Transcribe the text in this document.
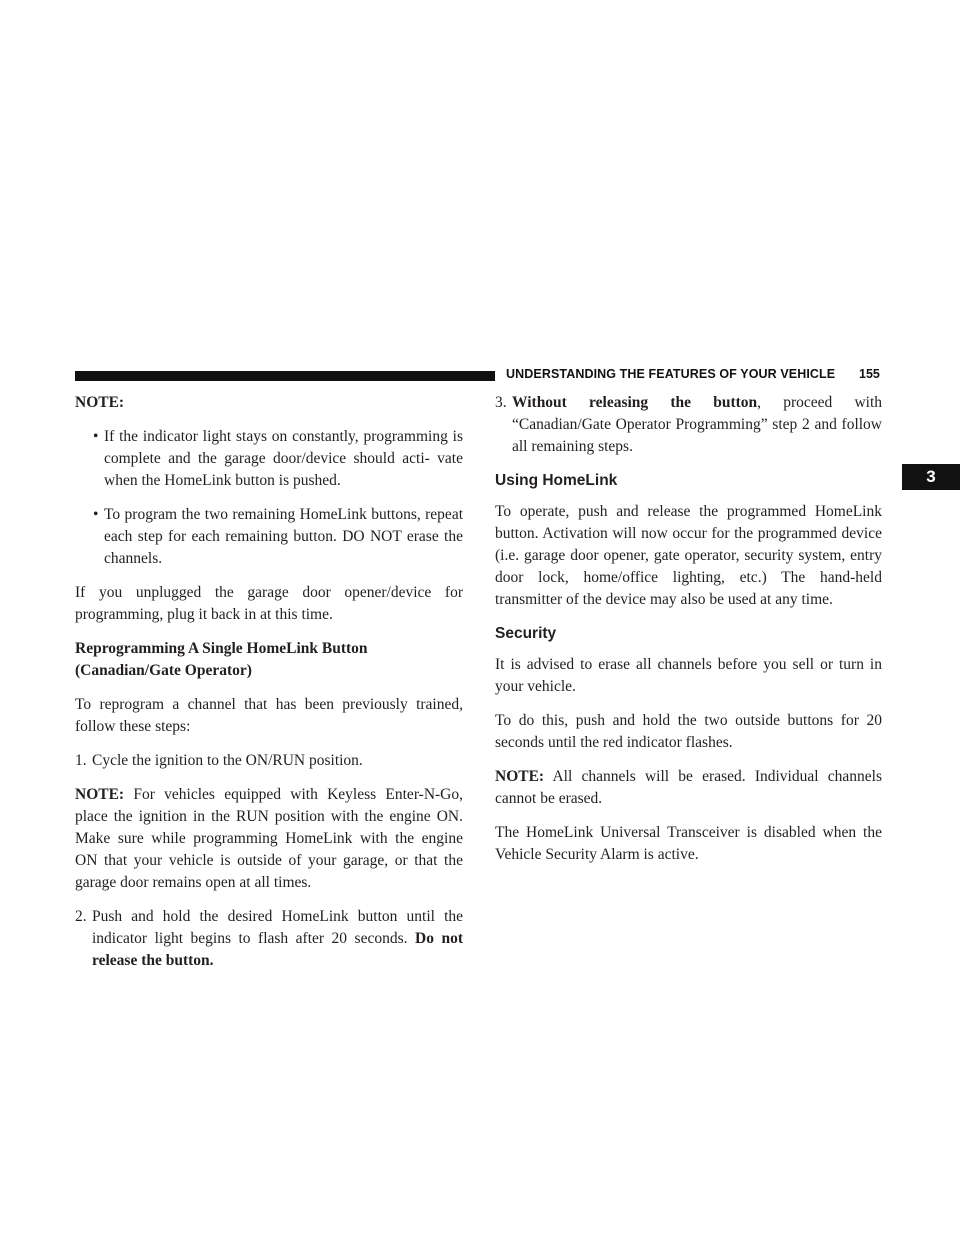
UNDERSTANDING THE FEATURES OF YOUR VEHICLE 155
3

NOTE:

• If the indicator light stays on constantly, programming is complete and the garage door/device should acti- vate when the HomeLink button is pushed.
• To program the two remaining HomeLink buttons, repeat each step for each remaining button. DO NOT erase the channels.

If you unplugged the garage door opener/device for programming, plug it back in at this time.

Reprogramming A Single HomeLink Button
(Canadian/Gate Operator)

To reprogram a channel that has been previously trained, follow these steps:

1. Cycle the ignition to the ON/RUN position.

NOTE: For vehicles equipped with Keyless Enter-N-Go, place the ignition in the RUN position with the engine ON. Make sure while programming HomeLink with the engine ON that your vehicle is outside of your garage, or that the garage door remains open at all times.

2. Push and hold the desired HomeLink button until the indicator light begins to flash after 20 seconds. Do not release the button.
3. Without releasing the button, proceed with “Canadian/Gate Operator Programming” step 2 and follow all remaining steps.
Using HomeLink

To operate, push and release the programmed HomeLink button. Activation will now occur for the programmed device (i.e. garage door opener, gate operator, security system, entry door lock, home/office lighting, etc.) The hand-held transmitter of the device may also be used at any time.

Security

It is advised to erase all channels before you sell or turn in your vehicle.

To do this, push and hold the two outside buttons for 20 seconds until the red indicator flashes.

NOTE: All channels will be erased. Individual channels cannot be erased.

The HomeLink Universal Transceiver is disabled when the Vehicle Security Alarm is active.
